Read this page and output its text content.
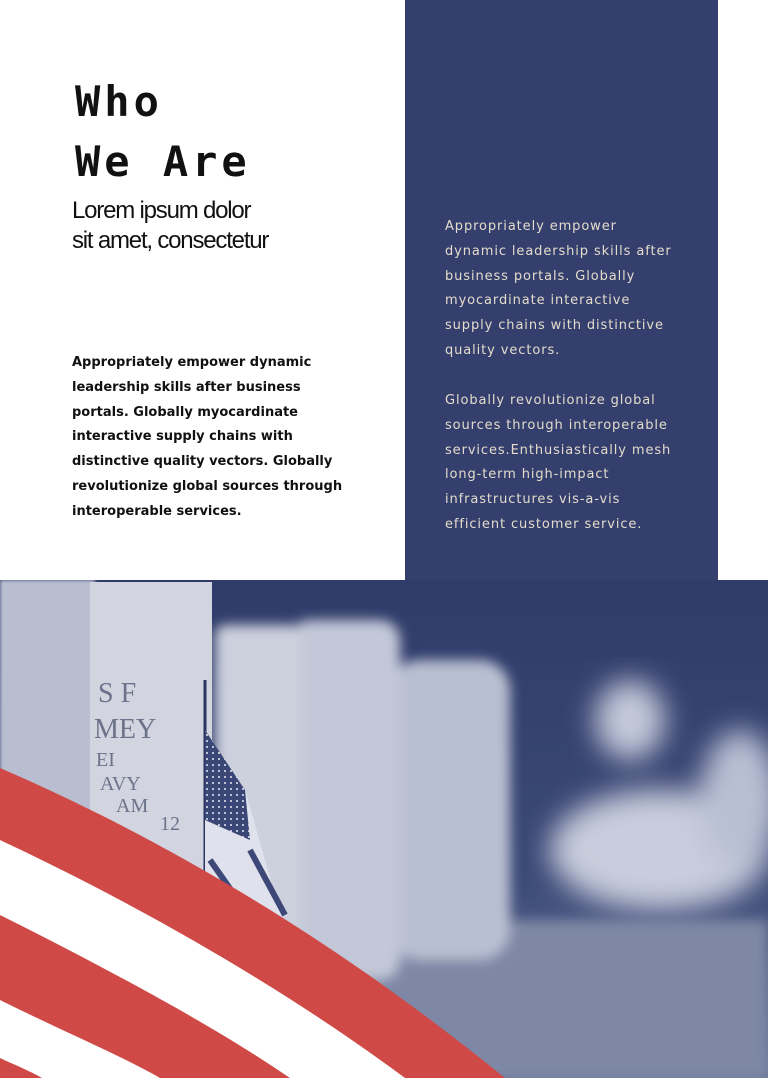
Who
We Are
Lorem ipsum dolor
sit amet, consectetur
Appropriately empower dynamic
leadership skills after business
portals. Globally myocardinate
interactive supply chains with
distinctive quality vectors. Globally
revolutionize global sources through
interoperable services.
Appropriately empower
dynamic leadership skills after
business portals. Globally
myocardinate interactive
supply chains with distinctive
quality vectors.
Globally revolutionize global
sources through interoperable
services.Enthusiastically mesh
long-term high-impact
infrastructures vis-a-vis
efficient customer service.
S F
MEY
EI
AVY
AM
12
